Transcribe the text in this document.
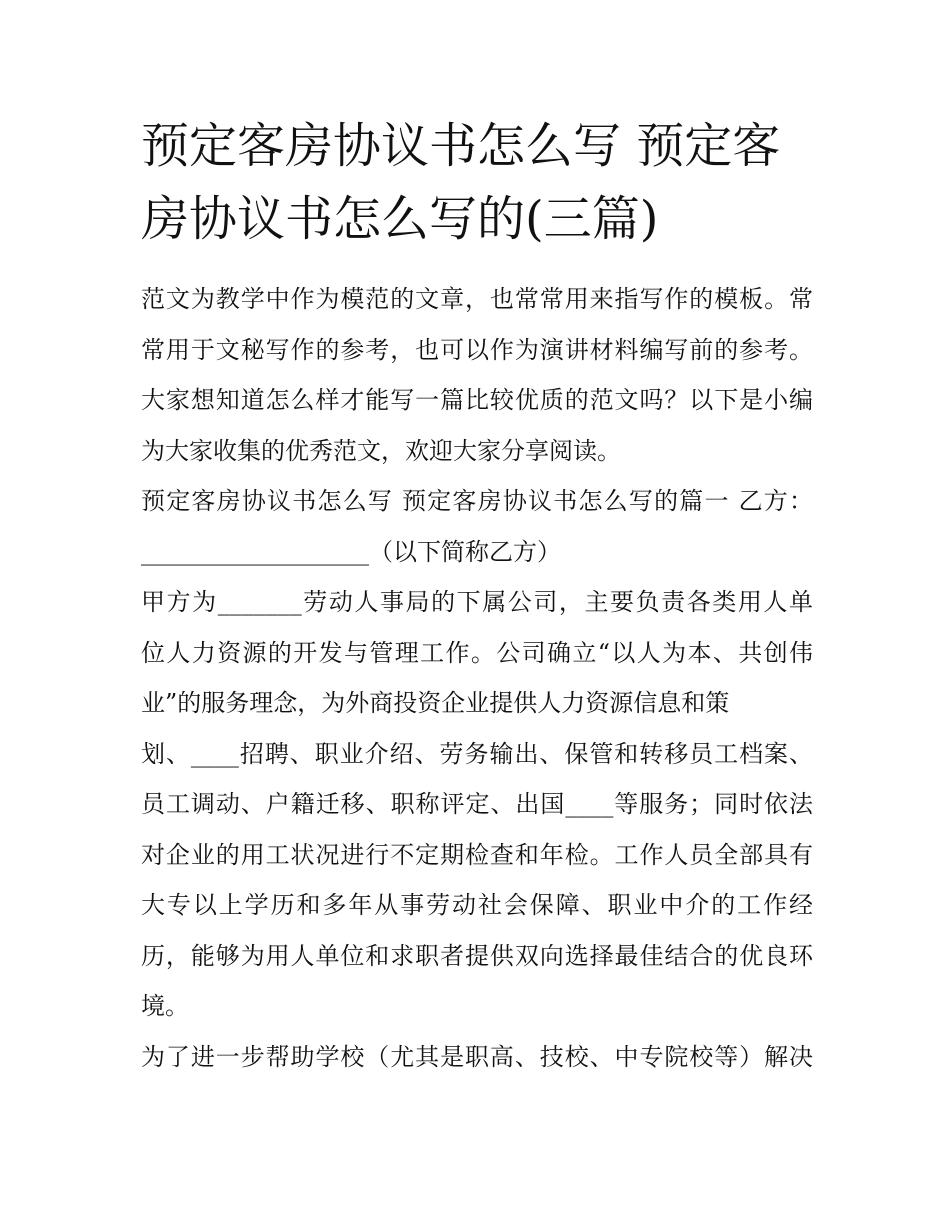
预定客房协议书怎么写 预定客
房协议书怎么写的(三篇)
范文为教学中作为模范的文章，也常常用来指写作的模板。常
常用于文秘写作的参考，也可以作为演讲材料编写前的参考。
大家想知道怎么样才能写一篇比较优质的范文吗？以下是小编
为大家收集的优秀范文，欢迎大家分享阅读。
预定客房协议书怎么写 预定客房协议书怎么写的篇一 乙方：
___________________（以下简称乙方）
甲方为_______劳动人事局的下属公司，主要负责各类用人单
位人力资源的开发与管理工作。公司确立“以人为本、共创伟
业”的服务理念，为外商投资企业提供人力资源信息和策
划、____招聘、职业介绍、劳务输出、保管和转移员工档案、
员工调动、户籍迁移、职称评定、出国____等服务；同时依法
对企业的用工状况进行不定期检查和年检。工作人员全部具有
大专以上学历和多年从事劳动社会保障、职业中介的工作经
历，能够为用人单位和求职者提供双向选择最佳结合的优良环
境。
为了进一步帮助学校（尤其是职高、技校、中专院校等）解决
